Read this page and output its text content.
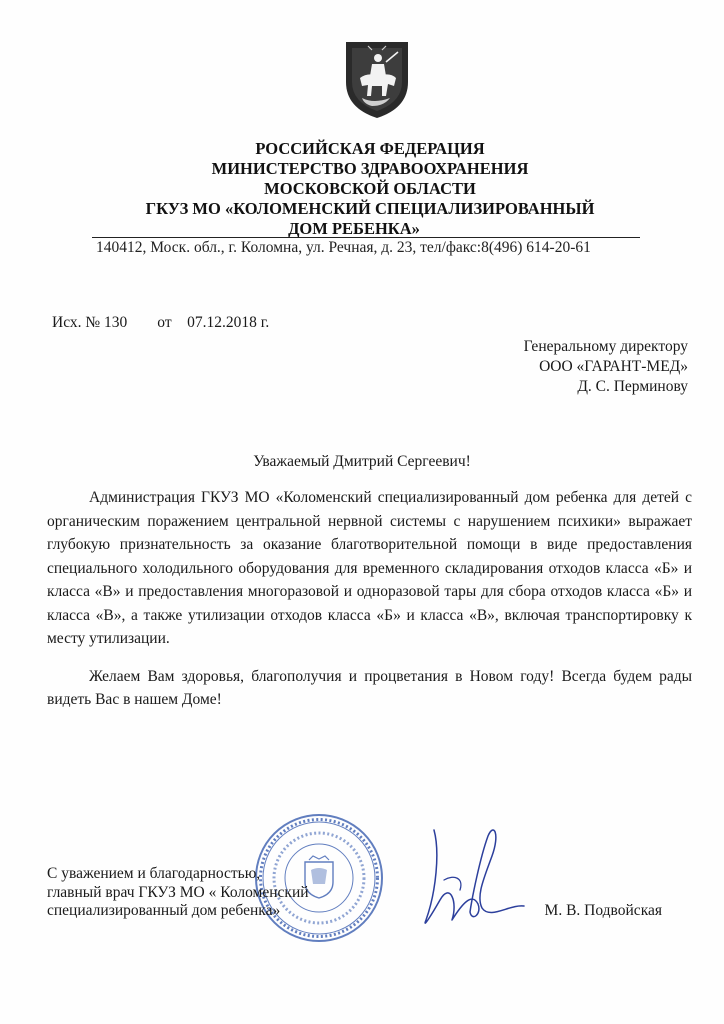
РОССИЙСКАЯ ФЕДЕРАЦИЯ
МИНИСТЕРСТВО ЗДРАВООХРАНЕНИЯ
МОСКОВСКОЙ ОБЛАСТИ
ГКУЗ МО «КОЛОМЕНСКИЙ СПЕЦИАЛИЗИРОВАННЫЙ
ДОМ РЕБЕНКА»
140412, Моск. обл., г. Коломна, ул. Речная, д. 23, тел/факс:8(496) 614-20-61
Исх. № 130 от 07.12.2018 г.
Генеральному директору
ООО «ГАРАНТ-МЕД»
Д. С. Перминову
Уважаемый Дмитрий Сергеевич!

Администрация ГКУЗ МО «Коломенский специализированный дом ребенка для детей с органическим поражением центральной нервной системы с нарушением психики» выражает глубокую признательность за оказание благотворительной помощи в виде предоставления специального холодильного оборудования для временного складирования отходов класса «Б» и класса «В» и предоставления многоразовой и одноразовой тары для сбора отходов класса «Б» и класса «В», а также утилизации отходов класса «Б» и класса «В», включая транспортировку к месту утилизации.

Желаем Вам здоровья, благополучия и процветания в Новом году! Всегда будем рады видеть Вас в нашем Доме!

С уважением и благодарностью,
главный врач ГКУЗ МО « Коломенский
специализированный дом ребенка»	М. В. Подвойская
